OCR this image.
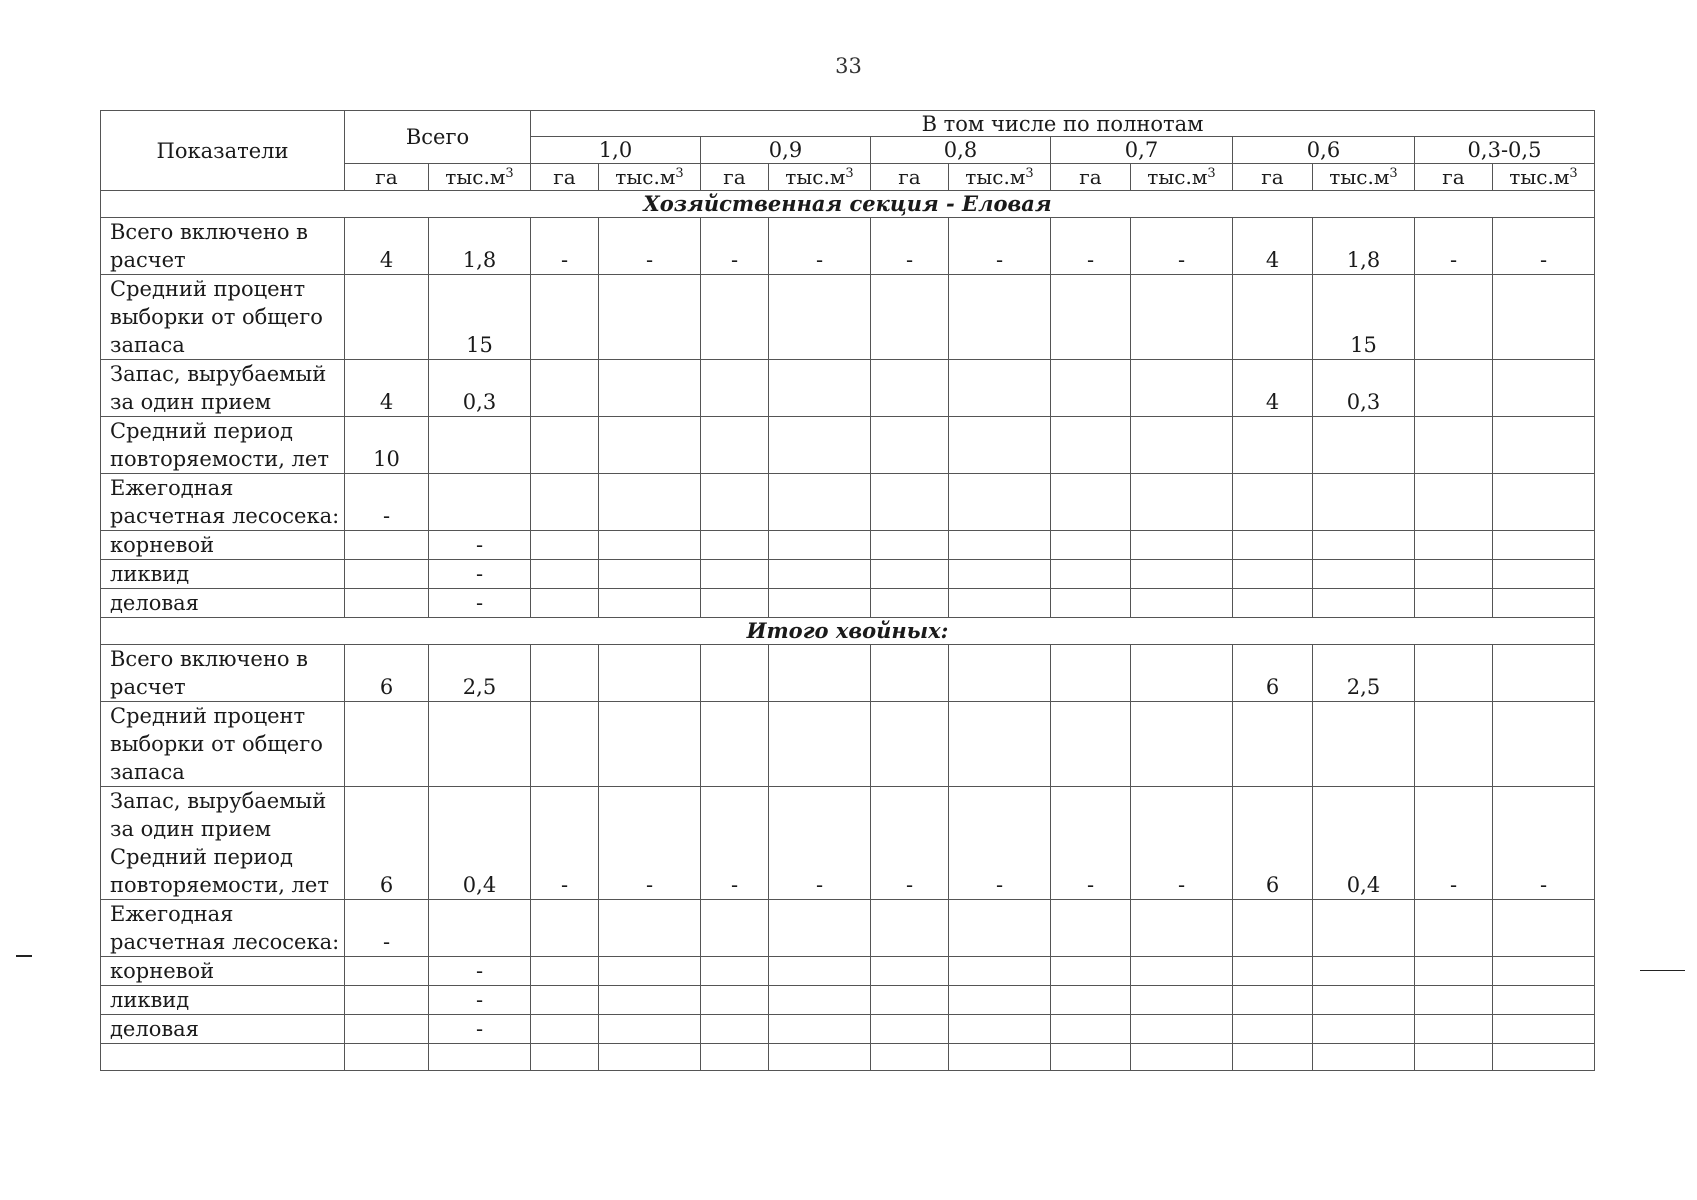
33
Показатели	Всего		В том числе по полнотам											
			1,0		0,9		0,8		0,7		0,6		0,3-0,5	
	га	$тыс.м^3$	га	$тыс.м^3$	га	$тыс.м^3$	га	$тыс.м^3$	га	$тыс.м^3$	га	$тыс.м^3$	га	$тыс.м^3$
Хозяйственная секция - Еловая														
Всего включено в расчет	4	1,8	-	-	-	-	-	-	-	-	4	1,8	-	-
Средний процент выборки от общего запаса		15										15		
Запас, вырубаемый за один прием	4	0,3									4	0,3		
Средний период повторяемости, лет	10													
Ежегодная расчетная лесосека:	-													
корневой		-												
ликвид		-												
деловая		-												
Итого хвойных:														
Всего включено в расчет	6	2,5									6	2,5		
Средний процент выборки от общего запаса														
Запас, вырубаемый за один прием Средний период повторяемости, лет	6	0,4	-	-	-	-	-	-	-	-	6	0,4	-	-
Ежегодная расчетная лесосека:	-													
корневой		-												
ликвид		-												
деловая		-												
